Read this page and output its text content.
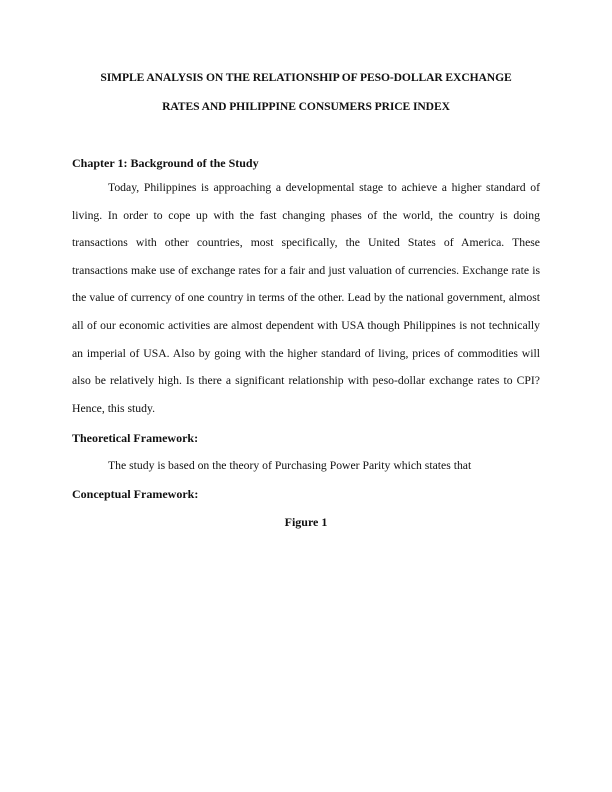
SIMPLE ANALYSIS ON THE RELATIONSHIP OF PESO-DOLLAR EXCHANGE
RATES AND PHILIPPINE CONSUMERS PRICE INDEX
Chapter 1: Background of the Study

Today, Philippines is approaching a developmental stage to achieve a higher standard of living. In order to cope up with the fast changing phases of the world, the country is doing transactions with other countries, most specifically, the United States of America. These transactions make use of exchange rates for a fair and just valuation of currencies. Exchange rate is the value of currency of one country in terms of the other. Lead by the national government, almost all of our economic activities are almost dependent with USA though Philippines is not technically an imperial of USA. Also by going with the higher standard of living, prices of commodities will also be relatively high. Is there a significant relationship with peso-dollar exchange rates to CPI? Hence, this study.

Theoretical Framework:
The study is based on the theory of Purchasing Power Parity which states that
Conceptual Framework:
Figure 1
